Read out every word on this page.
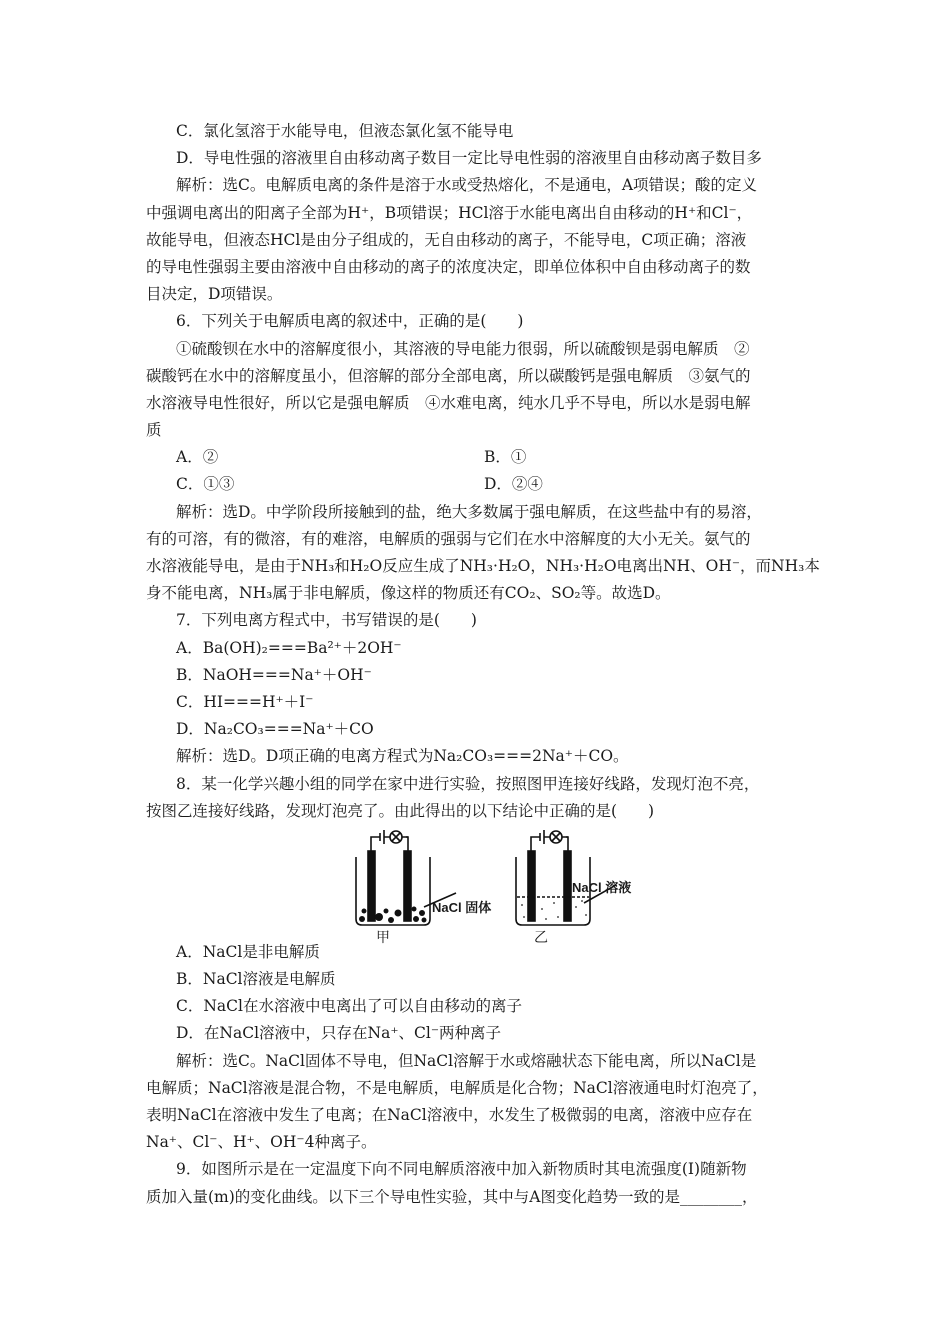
C．氯化氢溶于水能导电，但液态氯化氢不能导电
D．导电性强的溶液里自由移动离子数目一定比导电性弱的溶液里自由移动离子数目多
解析：选C。电解质电离的条件是溶于水或受热熔化，不是通电，A项错误；酸的定义
中强调电离出的阳离子全部为H⁺，B项错误；HCl溶于水能电离出自由移动的H⁺和Cl⁻，
故能导电，但液态HCl是由分子组成的，无自由移动的离子，不能导电，C项正确；溶液
的导电性强弱主要由溶液中自由移动的离子的浓度决定，即单位体积中自由移动离子的数
目决定，D项错误。
6．下列关于电解质电离的叙述中，正确的是(　　)
①硫酸钡在水中的溶解度很小，其溶液的导电能力很弱，所以硫酸钡是弱电解质　②
碳酸钙在水中的溶解度虽小，但溶解的部分全部电离，所以碳酸钙是强电解质　③氨气的
水溶液导电性很好，所以它是强电解质　④水难电离，纯水几乎不导电，所以水是弱电解
质
A．②	B．①
C．①③	D．②④
解析：选D。中学阶段所接触到的盐，绝大多数属于强电解质，在这些盐中有的易溶，
有的可溶，有的微溶，有的难溶，电解质的强弱与它们在水中溶解度的大小无关。氨气的
水溶液能导电，是由于NH₃和H₂O反应生成了NH₃·H₂O，NH₃·H₂O电离出NH、OH⁻，而NH₃本
身不能电离，NH₃属于非电解质，像这样的物质还有CO₂、SO₂等。故选D。
7．下列电离方程式中，书写错误的是(　　)
A．Ba(OH)₂===Ba²⁺＋2OH⁻
B．NaOH===Na⁺＋OH⁻
C．HI===H⁺＋I⁻
D．Na₂CO₃===Na⁺＋CO
解析：选D。D项正确的电离方程式为Na₂CO₃===2Na⁺＋CO。
8．某一化学兴趣小组的同学在家中进行实验，按照图甲连接好线路，发现灯泡不亮，
按图乙连接好线路，发现灯泡亮了。由此得出的以下结论中正确的是(　　)
NaCl 固体
NaCl 溶液
甲	乙
A．NaCl是非电解质
B．NaCl溶液是电解质
C．NaCl在水溶液中电离出了可以自由移动的离子
D．在NaCl溶液中，只存在Na⁺、Cl⁻两种离子
解析：选C。NaCl固体不导电，但NaCl溶解于水或熔融状态下能电离，所以NaCl是
电解质；NaCl溶液是混合物，不是电解质，电解质是化合物；NaCl溶液通电时灯泡亮了，
表明NaCl在溶液中发生了电离；在NaCl溶液中，水发生了极微弱的电离，溶液中应存在
Na⁺、Cl⁻、H⁺、OH⁻4种离子。
9．如图所示是在一定温度下向不同电解质溶液中加入新物质时其电流强度(I)随新物
质加入量(m)的变化曲线。以下三个导电性实验，其中与A图变化趋势一致的是________，
